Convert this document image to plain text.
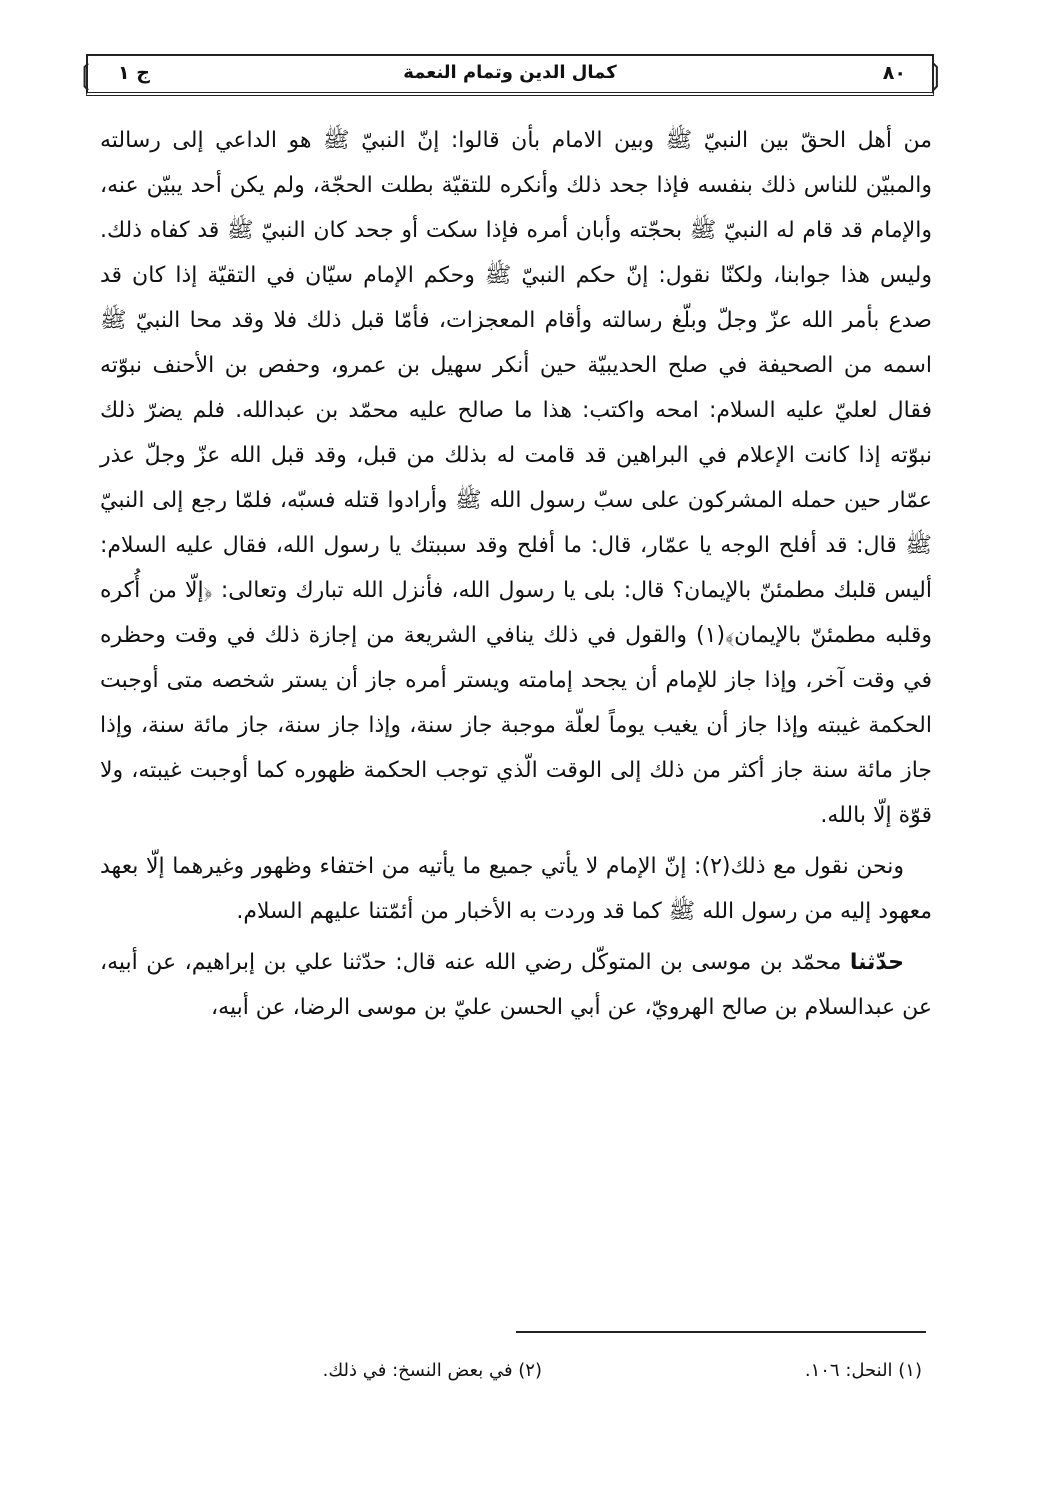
❳
٨٠
كمال الدين وتمام النعمة
ج ١
❲

من أهل الحقّ بين النبيّ ﷺ وبين الامام بأن قالوا: إنّ النبيّ ﷺ هو الداعي إلى رسالته والمبيّن للناس ذلك بنفسه فإذا جحد ذلك وأنكره للتقيّة بطلت الحجّة، ولم يكن أحد يبيّن عنه، والإمام قد قام له النبيّ ﷺ بحجّته وأبان أمره فإذا سكت أو جحد كان النبيّ ﷺ قد كفاه ذلك. وليس هذا جوابنا، ولكنّا نقول: إنّ حكم النبيّ ﷺ وحكم الإمام سيّان في التقيّة إذا كان قد صدع بأمر الله عزّ وجلّ وبلّغ رسالته وأقام المعجزات، فأمّا قبل ذلك فلا وقد محا النبيّ ﷺ اسمه من الصحيفة في صلح الحديبيّة حين أنكر سهيل بن عمرو، وحفص بن الأحنف نبوّته فقال لعليّ عليه السلام: امحه واكتب: هذا ما صالح عليه محمّد بن عبدالله. فلم يضرّ ذلك نبوّته إذا كانت الإعلام في البراهين قد قامت له بذلك من قبل، وقد قبل الله عزّ وجلّ عذر عمّار حين حمله المشركون على سبّ رسول الله ﷺ وأرادوا قتله فسبّه، فلمّا رجع إلى النبيّ ﷺ قال: قد أفلح الوجه يا عمّار، قال: ما أفلح وقد سببتك يا رسول الله، فقال عليه السلام: أليس قلبك مطمئنّ بالإيمان؟ قال: بلى يا رسول الله، فأنزل الله تبارك وتعالى: ﴿إلّا من أُكره وقلبه مطمئنّ بالإيمان﴾(١) والقول في ذلك ينافي الشريعة من إجازة ذلك في وقت وحظره في وقت آخر، وإذا جاز للإمام أن يجحد إمامته ويستر أمره جاز أن يستر شخصه متى أوجبت الحكمة غيبته وإذا جاز أن يغيب يوماً لعلّة موجبة جاز سنة، وإذا جاز سنة، جاز مائة سنة، وإذا جاز مائة سنة جاز أكثر من ذلك إلى الوقت الّذي توجب الحكمة ظهوره كما أوجبت غيبته، ولا قوّة إلّا بالله.

ونحن نقول مع ذلك(٢): إنّ الإمام لا يأتي جميع ما يأتيه من اختفاء وظهور وغيرهما إلّا بعهد معهود إليه من رسول الله ﷺ كما قد وردت به الأخبار من أئمّتنا عليهم السلام.

حدّثنا محمّد بن موسى بن المتوكّل رضي الله عنه قال: حدّثنا علي بن إبراهيم، عن أبيه، عن عبدالسلام بن صالح الهرويّ، عن أبي الحسن عليّ بن موسى الرضا، عن أبيه،

(١) النحل: ١٠٦.
(٢) في بعض النسخ: في ذلك.
